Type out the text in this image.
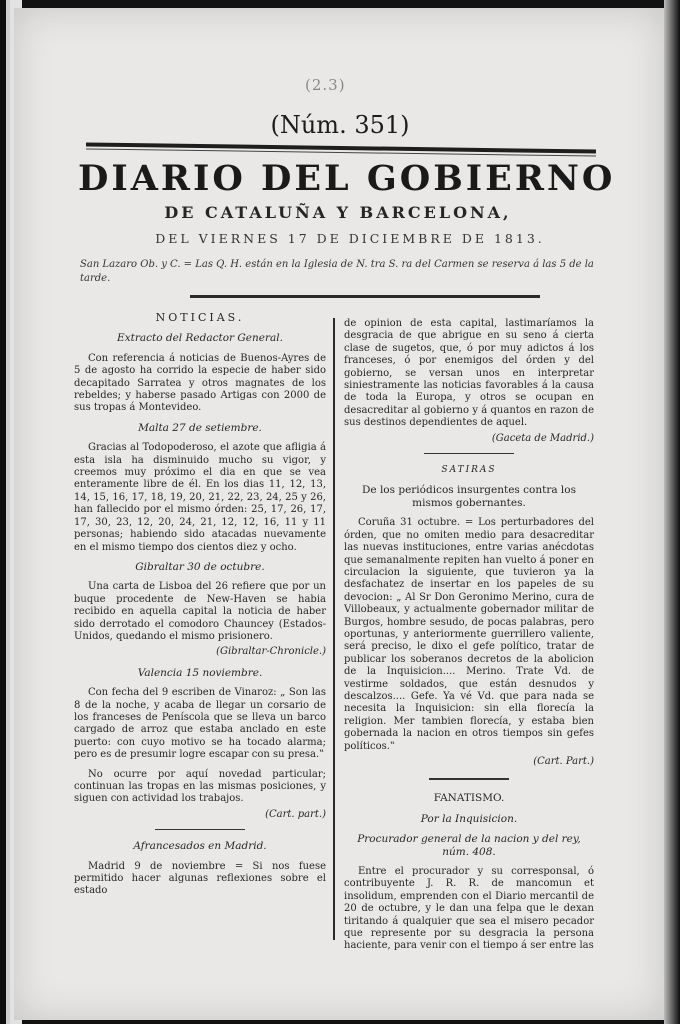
(2.3)
(Núm. 351)
DIARIO DEL GOBIERNO
DE CATALUÑA Y BARCELONA,
DEL VIERNES 17 DE DICIEMBRE DE 1813.
San Lazaro Ob. y C. = Las Q. H. están en la Iglesia de N. tra S. ra del Carmen se reserva á las 5 de la tarde.
NOTICIAS.
Extracto del Redactor General.

Con referencia á noticias de Buenos-Ayres de 5 de agosto ha corrido la especie de haber sido decapitado Sarratea y otros magnates de los rebeldes; y haberse pasado Artigas con 2000 de sus tropas á Montevideo.

Malta 27 de setiembre.

Gracias al Todopoderoso, el azote que afligia á esta isla ha disminuido mucho su vigor, y creemos muy próximo el dia en que se vea enteramente libre de él. En los dias 11, 12, 13, 14, 15, 16, 17, 18, 19, 20, 21, 22, 23, 24, 25 y 26, han fallecido por el mismo órden: 25, 17, 26, 17, 17, 30, 23, 12, 20, 24, 21, 12, 12, 16, 11 y 11 personas; habiendo sido atacadas nuevamente en el mismo tiempo dos cientos diez y ocho.

Gibraltar 30 de octubre.

Una carta de Lisboa del 26 refiere que por un buque procedente de New-Haven se habia recibido en aquella capital la noticia de haber sido derrotado el comodoro Chauncey (Estados-Unidos, quedando el mismo prisionero.

(Gibraltar-Chronicle.)
Valencia 15 noviembre.

Con fecha del 9 escriben de Vinaroz: „ Son las 8 de la noche, y acaba de llegar un corsario de los franceses de Peníscola que se lleva un barco cargado de arroz que estaba anclado en este puerto: con cuyo motivo se ha tocado alarma; pero es de presumir logre escapar con su presa.‟

No ocurre por aquí novedad particular; continuan las tropas en las mismas posiciones, y siguen con actividad los trabajos.

(Cart. part.)
Afrancesados en Madrid.

Madrid 9 de noviembre = Si nos fuese permitido hacer algunas reflexiones sobre el estado

de opinion de esta capital, lastimaríamos la desgracia de que abrigue en su seno á cierta clase de sugetos, que, ó por muy adictos á los franceses, ó por enemigos del órden y del gobierno, se versan unos en interpretar siniestramente las noticias favorables á la causa de toda la Europa, y otros se ocupan en desacreditar al gobierno y á quantos en razon de sus destinos dependientes de aquel.

(Gaceta de Madrid.)
SATIRAS
De los periódicos insurgentes contra los mismos gobernantes.

Coruña 31 octubre. = Los perturbadores del órden, que no omiten medio para desacreditar las nuevas instituciones, entre varias anécdotas que semanalmente repiten han vuelto á poner en circulacion la siguiente, que tuvieron ya la desfachatez de insertar en los papeles de su devocion: „ Al Sr Don Geronimo Merino, cura de Villobeaux, y actualmente gobernador militar de Burgos, hombre sesudo, de pocas palabras, pero oportunas, y anteriormente guerrillero valiente, será preciso, le dixo el gefe político, tratar de publicar los soberanos decretos de la abolicion de la Inquisicion.... Merino. Trate Vd. de vestirme soldados, que están desnudos y descalzos.... Gefe. Ya vé Vd. que para nada se necesita la Inquisicion: sin ella florecía la religion. Mer tambien florecía, y estaba bien gobernada la nacion en otros tiempos sin gefes políticos.‟

(Cart. Part.)
FANATISMO.
Por la Inquisicion.
Procurador general de la nacion y del rey, núm. 408.

Entre el procurador y su corresponsal, ó contribuyente J. R. R. de mancomun et insolidum, emprenden con el Diario mercantil de 20 de octubre, y le dan una felpa que le dexan tiritando á qualquier que sea el misero pecador que represente por su desgracia la persona haciente, para venir con el tiempo á ser entre las
